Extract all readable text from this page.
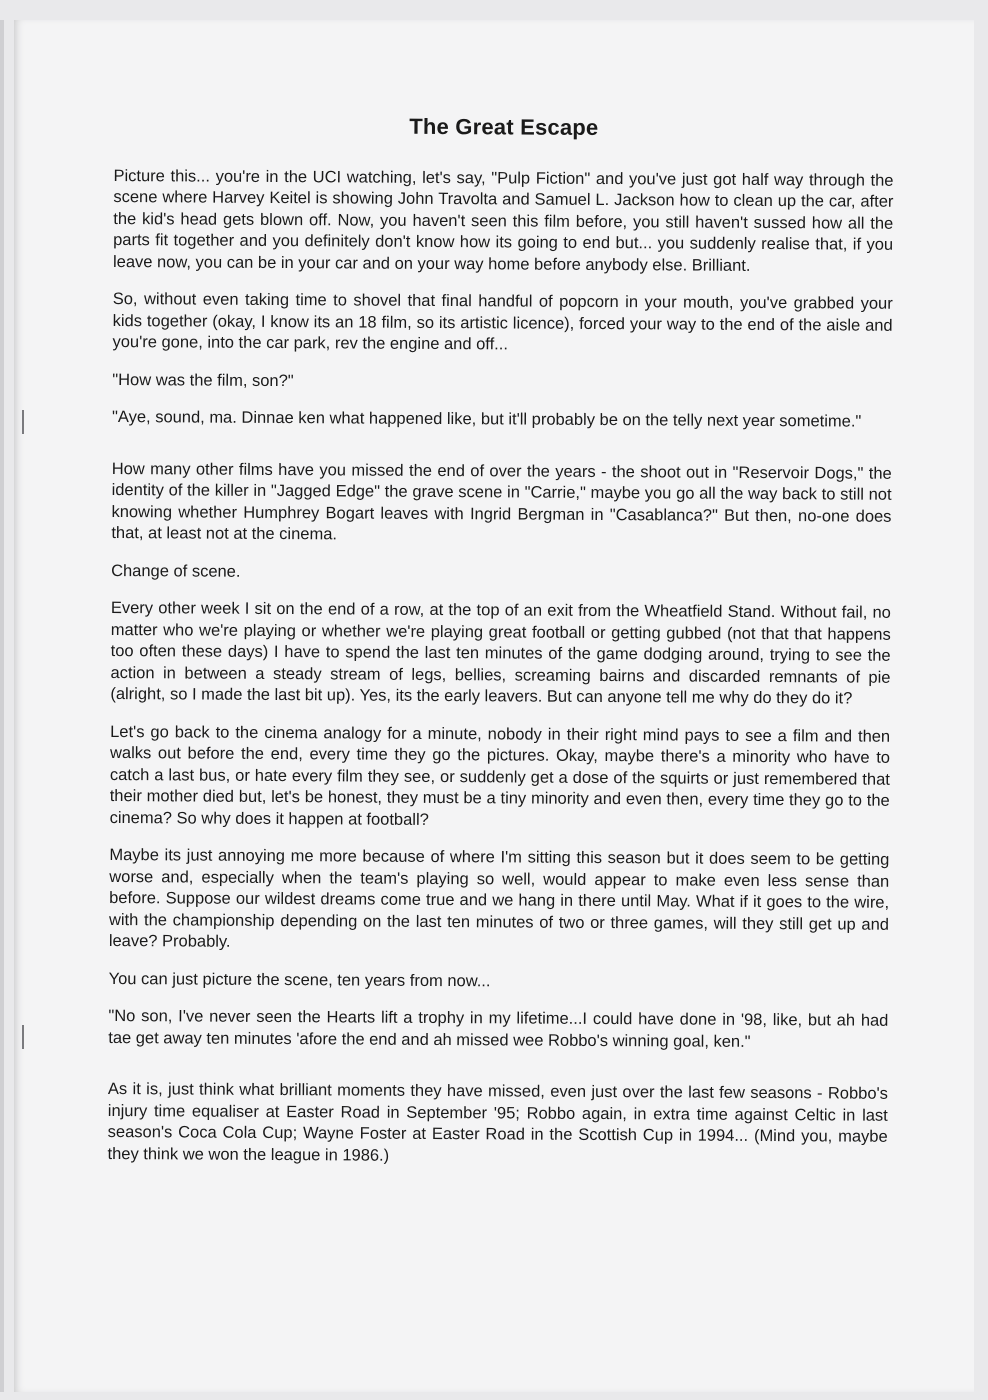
The Great Escape

Picture this... you're in the UCI watching, let's say, "Pulp Fiction" and you've just got half way through the scene where Harvey Keitel is showing John Travolta and Samuel L. Jackson how to clean up the car, after the kid's head gets blown off. Now, you haven't seen this film before, you still haven't sussed how all the parts fit together and you definitely don't know how its going to end but... you suddenly realise that, if you leave now, you can be in your car and on your way home before anybody else. Brilliant.

So, without even taking time to shovel that final handful of popcorn in your mouth, you've grabbed your kids together (okay, I know its an 18 film, so its artistic licence), forced your way to the end of the aisle and you're gone, into the car park, rev the engine and off...

"How was the film, son?"

"Aye, sound, ma. Dinnae ken what happened like, but it'll probably be on the telly next year sometime."

How many other films have you missed the end of over the years - the shoot out in "Reservoir Dogs," the identity of the killer in "Jagged Edge" the grave scene in "Carrie," maybe you go all the way back to still not knowing whether Humphrey Bogart leaves with Ingrid Bergman in "Casablanca?" But then, no-one does that, at least not at the cinema.

Change of scene.

Every other week I sit on the end of a row, at the top of an exit from the Wheatfield Stand. Without fail, no matter who we're playing or whether we're playing great football or getting gubbed (not that that happens too often these days) I have to spend the last ten minutes of the game dodging around, trying to see the action in between a steady stream of legs, bellies, screaming bairns and discarded remnants of pie (alright, so I made the last bit up). Yes, its the early leavers. But can anyone tell me why do they do it?

Let's go back to the cinema analogy for a minute, nobody in their right mind pays to see a film and then walks out before the end, every time they go the pictures. Okay, maybe there's a minority who have to catch a last bus, or hate every film they see, or suddenly get a dose of the squirts or just remembered that their mother died but, let's be honest, they must be a tiny minority and even then, every time they go to the cinema? So why does it happen at football?

Maybe its just annoying me more because of where I'm sitting this season but it does seem to be getting worse and, especially when the team's playing so well, would appear to make even less sense than before. Suppose our wildest dreams come true and we hang in there until May. What if it goes to the wire, with the championship depending on the last ten minutes of two or three games, will they still get up and leave? Probably.

You can just picture the scene, ten years from now...

"No son, I've never seen the Hearts lift a trophy in my lifetime...I could have done in '98, like, but ah had tae get away ten minutes 'afore the end and ah missed wee Robbo's winning goal, ken."

As it is, just think what brilliant moments they have missed, even just over the last few seasons - Robbo's injury time equaliser at Easter Road in September '95; Robbo again, in extra time against Celtic in last season's Coca Cola Cup; Wayne Foster at Easter Road in the Scottish Cup in 1994... (Mind you, maybe they think we won the league in 1986.)
